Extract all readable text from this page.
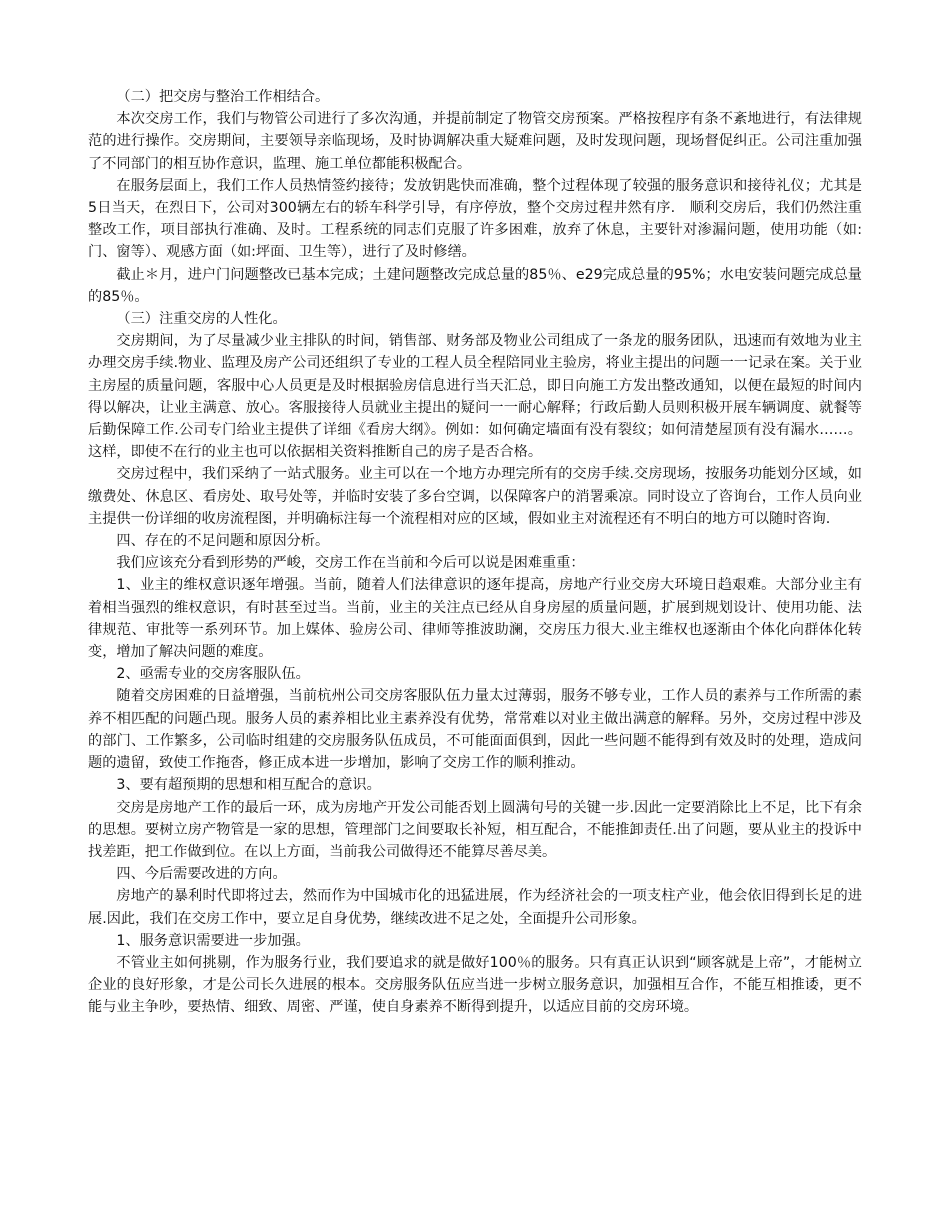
（二）把交房与整治工作相结合。

本次交房工作，我们与物管公司进行了多次沟通，并提前制定了物管交房预案。严格按程序有条不紊地进行，有法律规范的进行操作。交房期间，主要领导亲临现场，及时协调解决重大疑难问题，及时发现问题，现场督促纠正。公司注重加强了不同部门的相互协作意识，监理、施工单位都能积极配合。

在服务层面上，我们工作人员热情签约接待；发放钥匙快而准确，整个过程体现了较强的服务意识和接待礼仪；尤其是5日当天，在烈日下，公司对300辆左右的轿车科学引导，有序停放，整个交房过程井然有序.　顺利交房后，我们仍然注重整改工作，项目部执行准确、及时。工程系统的同志们克服了许多困难，放弃了休息，主要针对渗漏问题，使用功能（如:门、窗等）、观感方面（如:坪面、卫生等），进行了及时修缮。

截止＊月，进户门问题整改已基本完成；土建问题整改完成总量的85％、e29完成总量的95%；水电安装问题完成总量的85％。

（三）注重交房的人性化。

交房期间，为了尽量减少业主排队的时间，销售部、财务部及物业公司组成了一条龙的服务团队，迅速而有效地为业主办理交房手续.物业、监理及房产公司还组织了专业的工程人员全程陪同业主验房，将业主提出的问题一一记录在案。关于业主房屋的质量问题，客服中心人员更是及时根据验房信息进行当天汇总，即日向施工方发出整改通知，以便在最短的时间内得以解决，让业主满意、放心。客服接待人员就业主提出的疑问一一耐心解释；行政后勤人员则积极开展车辆调度、就餐等后勤保障工作.公司专门给业主提供了详细《看房大纲》。例如：如何确定墙面有没有裂纹；如何清楚屋顶有没有漏水……。这样，即使不在行的业主也可以依据相关资料推断自己的房子是否合格。

交房过程中，我们采纳了一站式服务。业主可以在一个地方办理完所有的交房手续.交房现场，按服务功能划分区域，如缴费处、休息区、看房处、取号处等，并临时安装了多台空调，以保障客户的消署乘凉。同时设立了咨询台，工作人员向业主提供一份详细的收房流程图，并明确标注每一个流程相对应的区域，假如业主对流程还有不明白的地方可以随时咨询.

四、存在的不足问题和原因分析。

我们应该充分看到形势的严峻，交房工作在当前和今后可以说是困难重重：

1、业主的维权意识逐年增强。当前，随着人们法律意识的逐年提高，房地产行业交房大环境日趋艰难。大部分业主有着相当强烈的维权意识，有时甚至过当。当前，业主的关注点已经从自身房屋的质量问题，扩展到规划设计、使用功能、法律规范、审批等一系列环节。加上媒体、验房公司、律师等推波助澜，交房压力很大.业主维权也逐渐由个体化向群体化转变，增加了解决问题的难度。

2、亟需专业的交房客服队伍。

随着交房困难的日益增强，当前杭州公司交房客服队伍力量太过薄弱，服务不够专业，工作人员的素养与工作所需的素养不相匹配的问题凸现。服务人员的素养相比业主素养没有优势，常常难以对业主做出满意的解释。另外，交房过程中涉及的部门、工作繁多，公司临时组建的交房服务队伍成员，不可能面面俱到，因此一些问题不能得到有效及时的处理，造成问题的遗留，致使工作拖沓，修正成本进一步增加，影响了交房工作的顺利推动。

3、要有超预期的思想和相互配合的意识。

交房是房地产工作的最后一环，成为房地产开发公司能否划上圆满句号的关键一步.因此一定要消除比上不足，比下有余的思想。要树立房产物管是一家的思想，管理部门之间要取长补短，相互配合，不能推卸责任.出了问题，要从业主的投诉中找差距，把工作做到位。在以上方面，当前我公司做得还不能算尽善尽美。

四、今后需要改进的方向。

房地产的暴利时代即将过去，然而作为中国城市化的迅猛进展，作为经济社会的一项支柱产业，他会依旧得到长足的进展.因此，我们在交房工作中，要立足自身优势，继续改进不足之处，全面提升公司形象。

1、服务意识需要进一步加强。

不管业主如何挑剔，作为服务行业，我们要追求的就是做好100％的服务。只有真正认识到“顾客就是上帝”，才能树立企业的良好形象，才是公司长久进展的根本。交房服务队伍应当进一步树立服务意识，加强相互合作，不能互相推诿，更不能与业主争吵，要热情、细致、周密、严谨，使自身素养不断得到提升，以适应目前的交房环境。
